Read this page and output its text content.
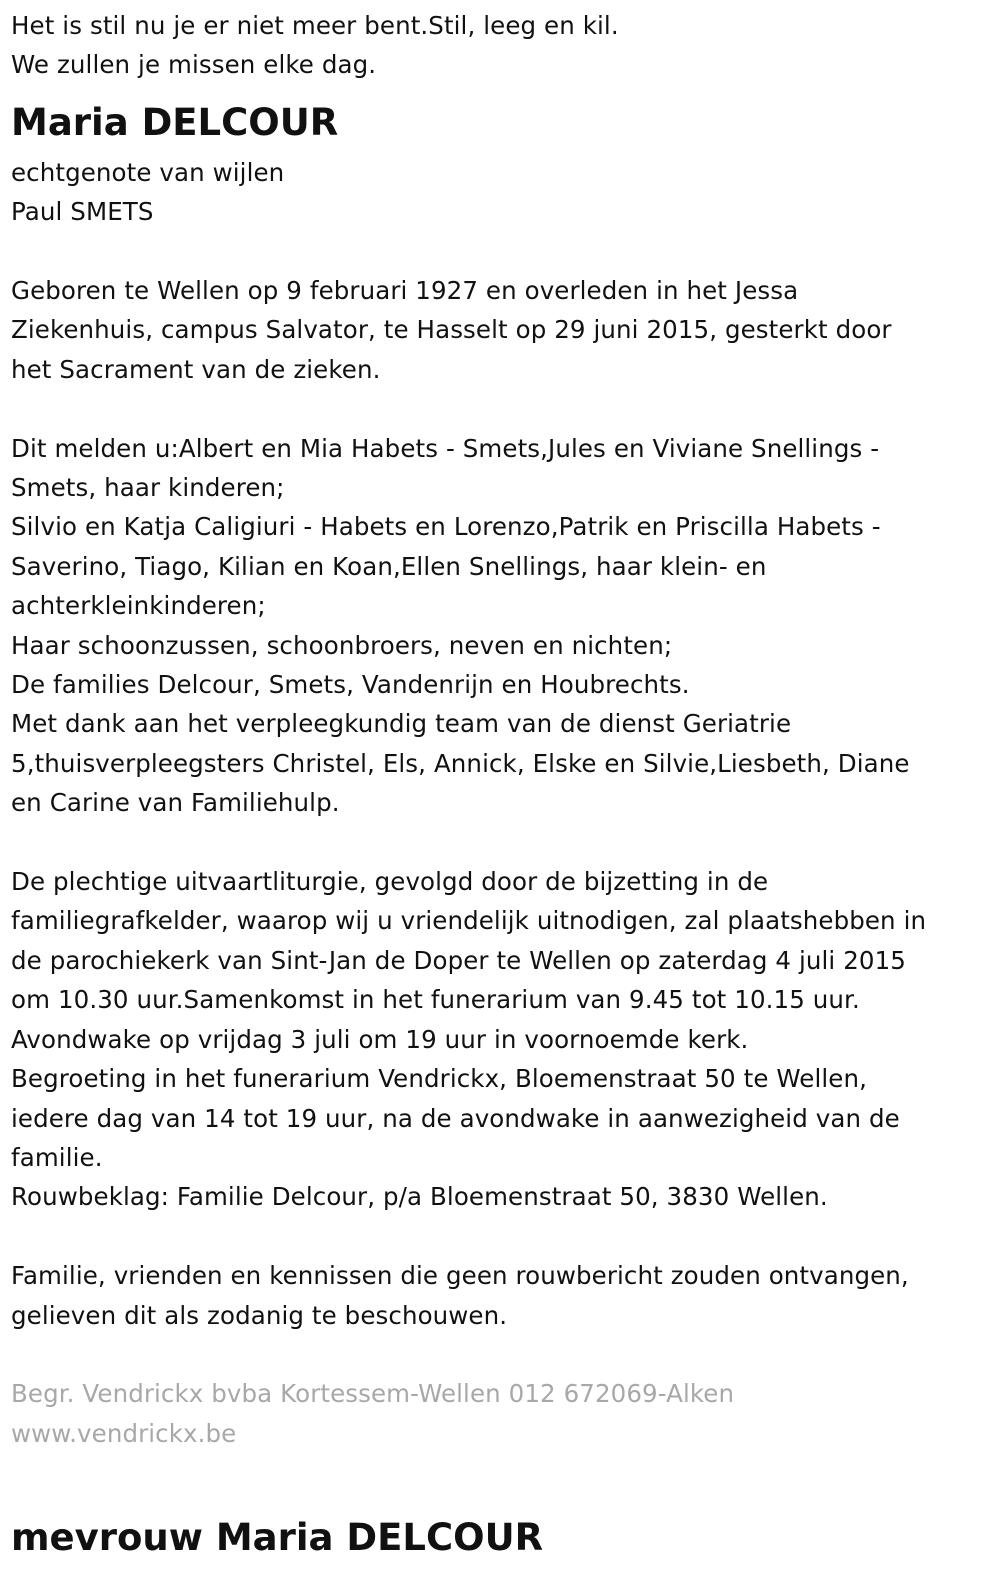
Het is stil nu je er niet meer bent.Stil, leeg en kil.
We zullen je missen elke dag.
Maria DELCOUR
echtgenote van wijlen
Paul SMETS
Geboren te Wellen op 9 februari 1927 en overleden in het Jessa
Ziekenhuis, campus Salvator, te Hasselt op 29 juni 2015, gesterkt door
het Sacrament van de zieken.
Dit melden u:Albert en Mia Habets - Smets,Jules en Viviane Snellings -
Smets, haar kinderen;
Silvio en Katja Caligiuri - Habets en Lorenzo,Patrik en Priscilla Habets -
Saverino, Tiago, Kilian en Koan,Ellen Snellings, haar klein- en
achterkleinkinderen;
Haar schoonzussen, schoonbroers, neven en nichten;
De families Delcour, Smets, Vandenrijn en Houbrechts.
Met dank aan het verpleegkundig team van de dienst Geriatrie
5,thuisverpleegsters Christel, Els, Annick, Elske en Silvie,Liesbeth, Diane
en Carine van Familiehulp.
De plechtige uitvaartliturgie, gevolgd door de bijzetting in de
familiegrafkelder, waarop wij u vriendelijk uitnodigen, zal plaatshebben in
de parochiekerk van Sint-Jan de Doper te Wellen op zaterdag 4 juli 2015
om 10.30 uur.Samenkomst in het funerarium van 9.45 tot 10.15 uur.
Avondwake op vrijdag 3 juli om 19 uur in voornoemde kerk.
Begroeting in het funerarium Vendrickx, Bloemenstraat 50 te Wellen,
iedere dag van 14 tot 19 uur, na de avondwake in aanwezigheid van de
familie.
Rouwbeklag: Familie Delcour, p/a Bloemenstraat 50, 3830 Wellen.
Familie, vrienden en kennissen die geen rouwbericht zouden ontvangen,
gelieven dit als zodanig te beschouwen.
Begr. Vendrickx bvba Kortessem-Wellen 012 672069-Alken
www.vendrickx.be
mevrouw Maria DELCOUR
